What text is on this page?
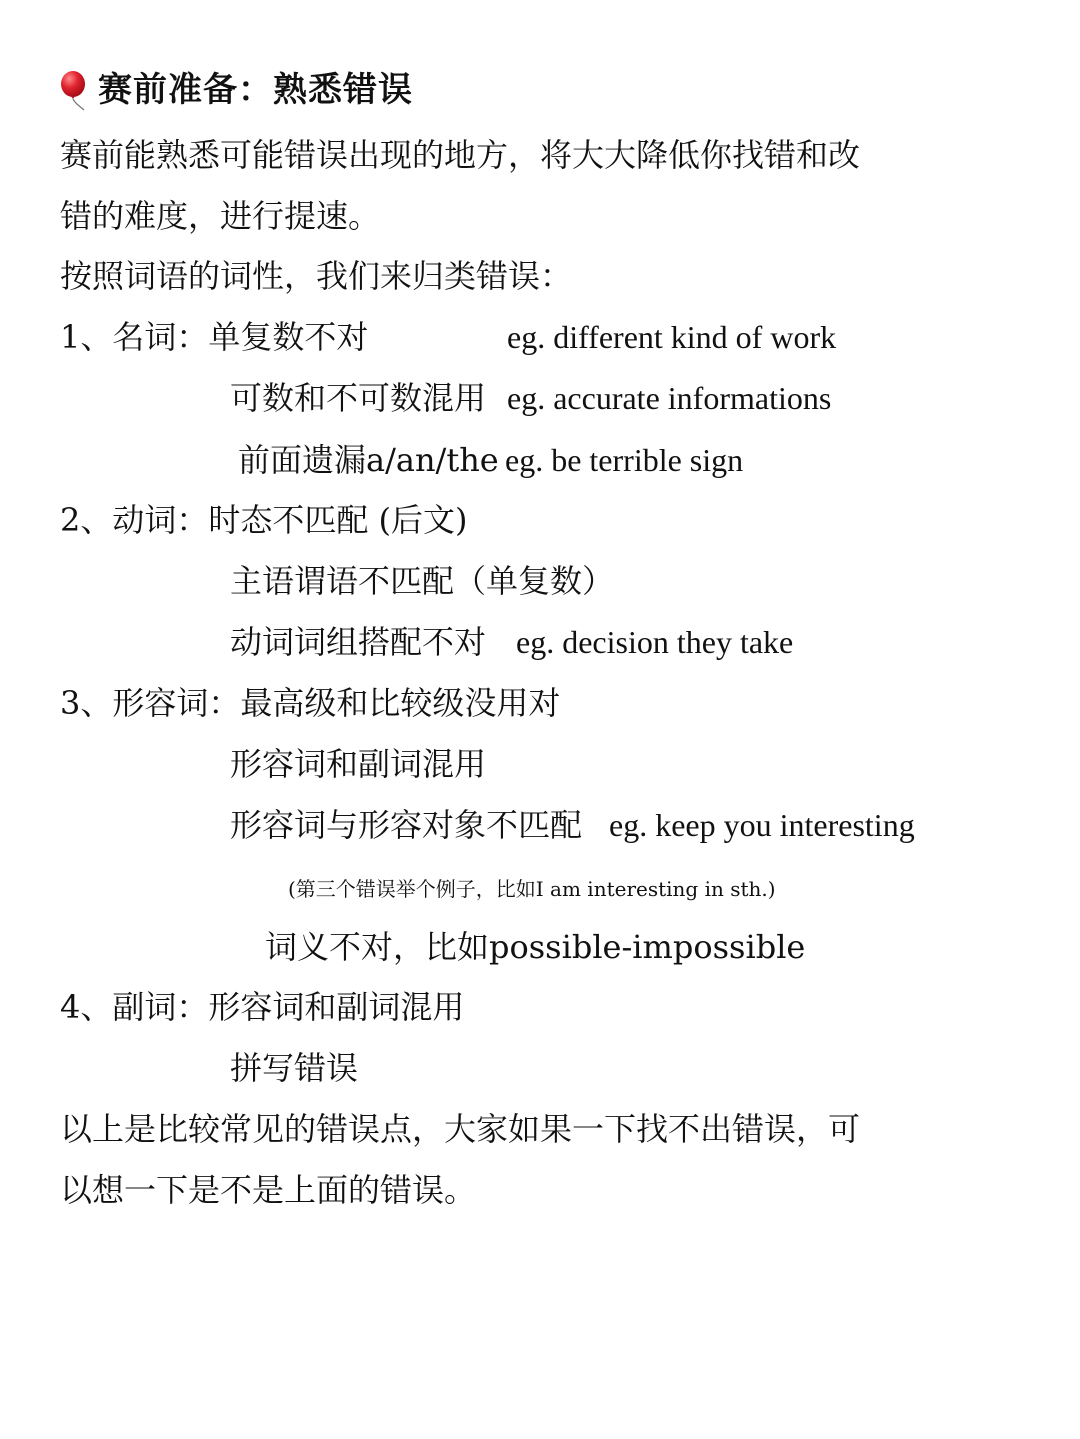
赛前准备：熟悉错误
赛前能熟悉可能错误出现的地方，将大大降低你找错和改
错的难度，进行提速。
按照词语的词性，我们来归类错误：
1、名词：单复数不对	eg. different kind of work
可数和不可数混用 eg. accurate informations
前面遗漏a/an/the eg. be terrible sign
2、动词：时态不匹配 (后文)
主语谓语不匹配（单复数）
动词词组搭配不对 eg. decision they take
3、形容词：最高级和比较级没用对
形容词和副词混用
形容词与形容对象不匹配 eg. keep you interesting
(第三个错误举个例子，比如I am interesting in sth.)
词义不对，比如possible-impossible
4、副词：形容词和副词混用
拼写错误
以上是比较常见的错误点，大家如果一下找不出错误，可
以想一下是不是上面的错误。
